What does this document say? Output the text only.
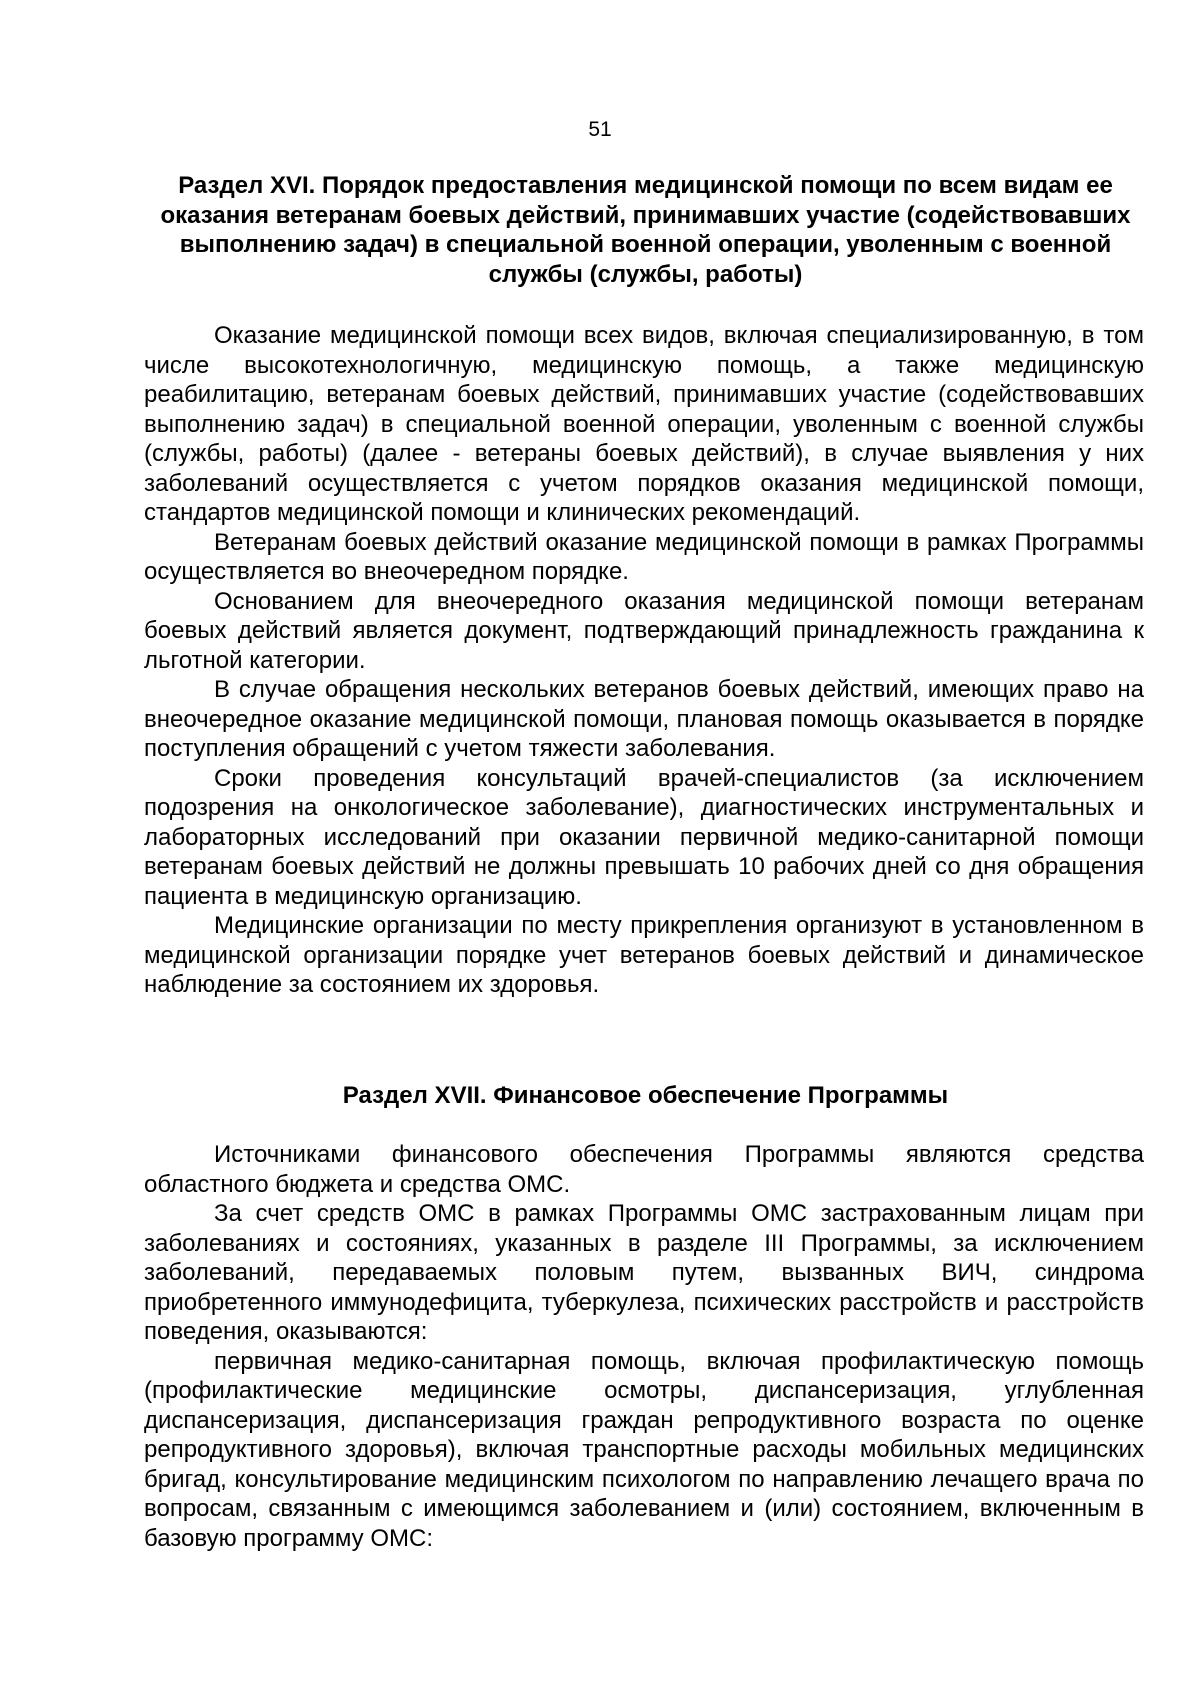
51
Раздел XVI. Порядок предоставления медицинской помощи по всем видам ее оказания ветеранам боевых действий, принимавших участие (содействовавших выполнению задач) в специальной военной операции, уволенным с военной службы (службы, работы)

Оказание медицинской помощи всех видов, включая специализированную, в том числе высокотехнологичную, медицинскую помощь, а также медицинскую реабилитацию, ветеранам боевых действий, принимавших участие (содействовавших выполнению задач) в специальной военной операции, уволенным с военной службы (службы, работы) (далее - ветераны боевых действий), в случае выявления у них заболеваний осуществляется с учетом порядков оказания медицинской помощи, стандартов медицинской помощи и клинических рекомендаций.

Ветеранам боевых действий оказание медицинской помощи в рамках Программы осуществляется во внеочередном порядке.

Основанием для внеочередного оказания медицинской помощи ветеранам боевых действий является документ, подтверждающий принадлежность гражданина к льготной категории.

В случае обращения нескольких ветеранов боевых действий, имеющих право на внеочередное оказание медицинской помощи, плановая помощь оказывается в порядке поступления обращений с учетом тяжести заболевания.

Сроки проведения консультаций врачей-специалистов (за исключением подозрения на онкологическое заболевание), диагностических инструментальных и лабораторных исследований при оказании первичной медико-санитарной помощи ветеранам боевых действий не должны превышать 10 рабочих дней со дня обращения пациента в медицинскую организацию.

Медицинские организации по месту прикрепления организуют в установленном в медицинской организации порядке учет ветеранов боевых действий и динамическое наблюдение за состоянием их здоровья.

Раздел XVII. Финансовое обеспечение Программы

Источниками финансового обеспечения Программы являются средства областного бюджета и средства ОМС.

За счет средств ОМС в рамках Программы ОМС застрахованным лицам при заболеваниях и состояниях, указанных в разделе III Программы, за исключением заболеваний, передаваемых половым путем, вызванных ВИЧ, синдрома приобретенного иммунодефицита, туберкулеза, психических расстройств и расстройств поведения, оказываются:

первичная медико-санитарная помощь, включая профилактическую помощь (профилактические медицинские осмотры, диспансеризация, углубленная диспансеризация, диспансеризация граждан репродуктивного возраста по оценке репродуктивного здоровья), включая транспортные расходы мобильных медицинских бригад, консультирование медицинским психологом по направлению лечащего врача по вопросам, связанным с имеющимся заболеванием и (или) состоянием, включенным в базовую программу ОМС:
